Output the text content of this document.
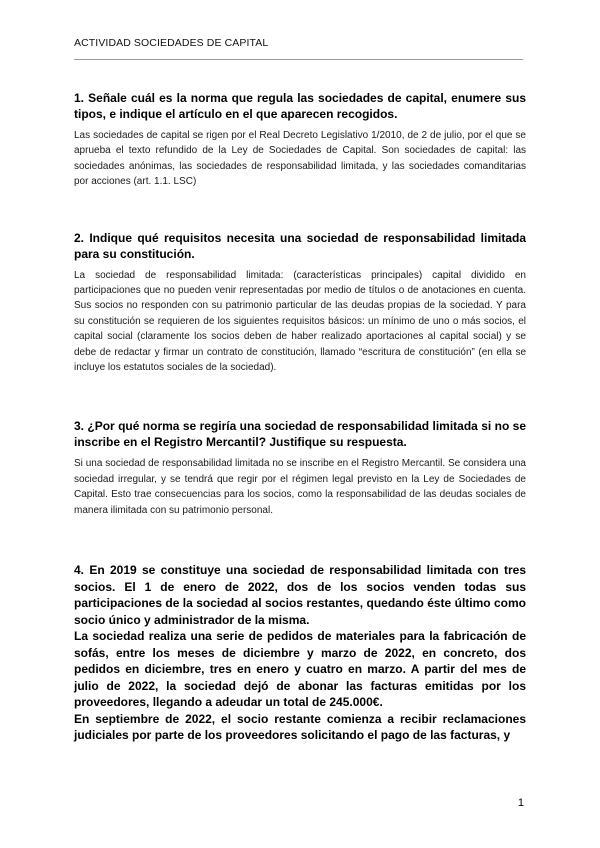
ACTIVIDAD SOCIEDADES DE CAPITAL

1. Señale cuál es la norma que regula las sociedades de capital, enumere sus tipos, e indique el artículo en el que aparecen recogidos.

Las sociedades de capital se rigen por el Real Decreto Legislativo 1/2010, de 2 de julio, por el que se aprueba el texto refundido de la Ley de Sociedades de Capital. Son sociedades de capital: las sociedades anónimas, las sociedades de responsabilidad limitada, y las sociedades comanditarias por acciones (art. 1.1. LSC)

2. Indique qué requisitos necesita una sociedad de responsabilidad limitada para su constitución.

La sociedad de responsabilidad limitada: (características principales) capital dividido en participaciones que no pueden venir representadas por medio de títulos o de anotaciones en cuenta. Sus socios no responden con su patrimonio particular de las deudas propias de la sociedad. Y para su constitución se requieren de los siguientes requisitos básicos: un mínimo de uno o más socios, el capital social (claramente los socios deben de haber realizado aportaciones al capital social) y se debe de redactar y firmar un contrato de constitución, llamado “escritura de constitución” (en ella se incluye los estatutos sociales de la sociedad).

3. ¿Por qué norma se regiría una sociedad de responsabilidad limitada si no se inscribe en el Registro Mercantil? Justifique su respuesta.

Si una sociedad de responsabilidad limitada no se inscribe en el Registro Mercantil. Se considera una sociedad irregular, y se tendrá que regir por el régimen legal previsto en la Ley de Sociedades de Capital. Esto trae consecuencias para los socios, como la responsabilidad de las deudas sociales de manera ilimitada con su patrimonio personal.

4. En 2019 se constituye una sociedad de responsabilidad limitada con tres socios. El 1 de enero de 2022, dos de los socios venden todas sus participaciones de la sociedad al socios restantes, quedando éste último como socio único y administrador de la misma.

La sociedad realiza una serie de pedidos de materiales para la fabricación de sofás, entre los meses de diciembre y marzo de 2022, en concreto, dos pedidos en diciembre, tres en enero y cuatro en marzo. A partir del mes de julio de 2022, la sociedad dejó de abonar las facturas emitidas por los proveedores, llegando a adeudar un total de 245.000€.

En septiembre de 2022, el socio restante comienza a recibir reclamaciones judiciales por parte de los proveedores solicitando el pago de las facturas, y

1
